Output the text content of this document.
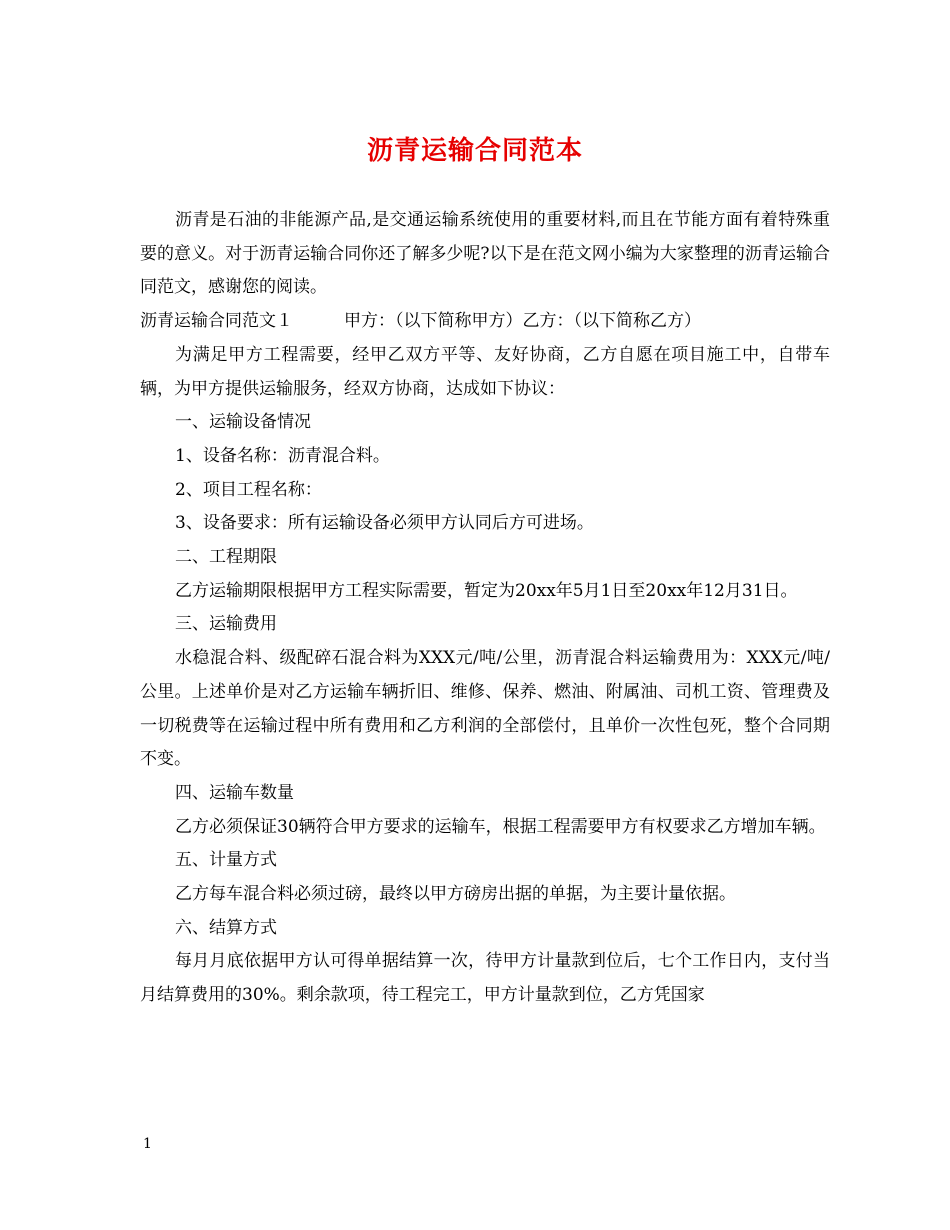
沥青运输合同范本

沥青是石油的非能源产品,是交通运输系统使用的重要材料,而且在节能方面有着特殊重要的意义。对于沥青运输合同你还了解多少呢?以下是在范文网小编为大家整理的沥青运输合同范文，感谢您的阅读。

沥青运输合同范文１　　　甲方：（以下简称甲方）乙方：（以下简称乙方）

为满足甲方工程需要，经甲乙双方平等、友好协商，乙方自愿在项目施工中，自带车辆，为甲方提供运输服务，经双方协商，达成如下协议：

一、运输设备情况

1、设备名称：沥青混合料。

2、项目工程名称：

3、设备要求：所有运输设备必须甲方认同后方可进场。

二、工程期限

乙方运输期限根据甲方工程实际需要，暂定为20xx年5月1日至20xx年12月31日。

三、运输费用

水稳混合料、级配碎石混合料为XXX元/吨/公里，沥青混合料运输费用为：XXX元/吨/公里。上述单价是对乙方运输车辆折旧、维修、保养、燃油、附属油、司机工资、管理费及一切税费等在运输过程中所有费用和乙方利润的全部偿付，且单价一次性包死，整个合同期不变。

四、运输车数量

乙方必须保证30辆符合甲方要求的运输车，根据工程需要甲方有权要求乙方增加车辆。

五、计量方式

乙方每车混合料必须过磅，最终以甲方磅房出据的单据，为主要计量依据。

六、结算方式

每月月底依据甲方认可得单据结算一次，待甲方计量款到位后，七个工作日内，支付当月结算费用的30%。剩余款项，待工程完工，甲方计量款到位，乙方凭国家

1
